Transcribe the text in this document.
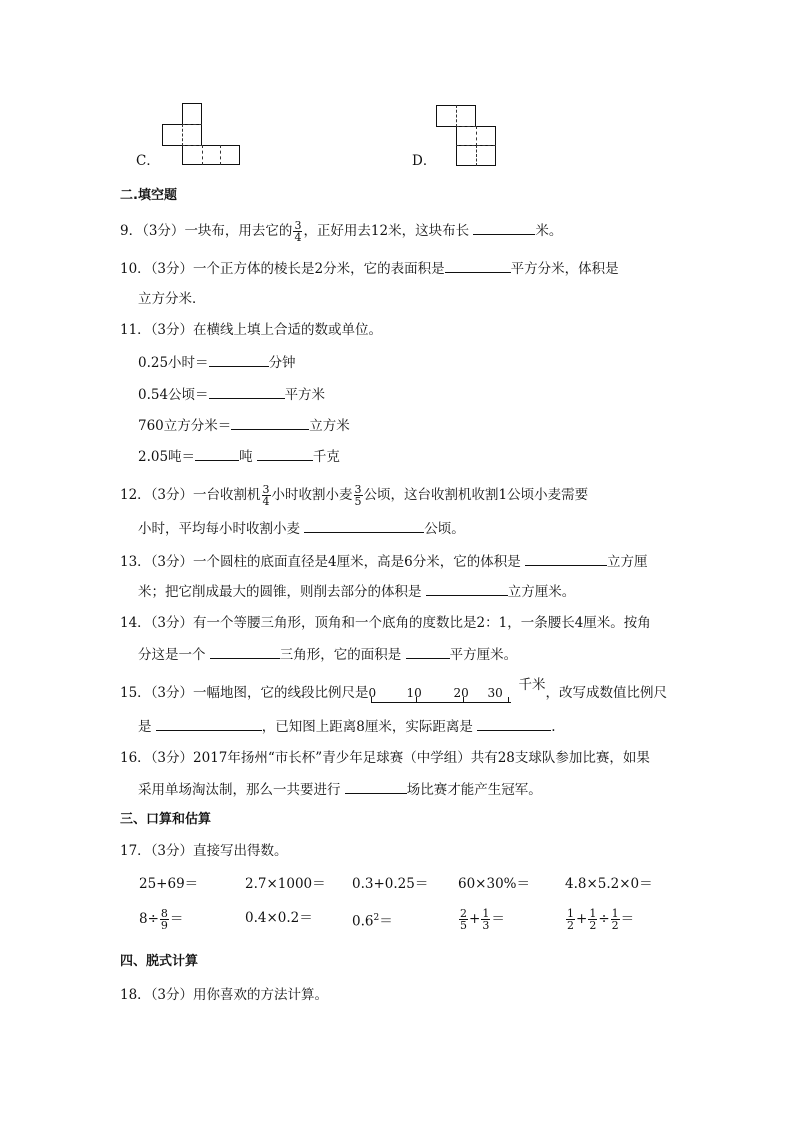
C．	D．
二.填空题
9．（3分）一块布，用去它的 $\frac{3}{4}$ ，正好用去12米，这块布长	米。
10．（3分）一个正方体的棱长是2分米，它的表面积是	平方分米，体积是
立方分米．
11．（3分）在横线上填上合适的数或单位。
0.25小时＝	分钟
0.54公顷＝	平方米
760立方分米＝	立方米
2.05吨＝	吨	千克
12．（3分）一台收割机 $\frac{3}{4}$ 小时收割小麦 $\frac{3}{5}$ 公顷，这台收割机收割1公顷小麦需要
小时，平均每小时收割小麦	公顷。
13．（3分）一个圆柱的底面直径是4厘米，高是6分米，它的体积是	立方厘
米；把它削成最大的圆锥，则削去部分的体积是	立方厘米。
14．（3分）有一个等腰三角形，顶角和一个底角的度数比是2：1，一条腰长4厘米。按角
分这是一个	三角形，它的面积是	平方厘米。
15．（3分）一幅地图，它的线段比例尺是 0	10	20 30 千米，改写成数值比例尺
是	，已知图上距离8厘米，实际距离是	.
16．（3分）2017年扬州“市长杯”青少年足球赛（中学组）共有28支球队参加比赛，如果
采用单场淘汰制，那么一共要进行	场比赛才能产生冠军。
三、口算和估算
17．（3分）直接写出得数。
25+69＝	2.7×1000＝ 0.3+0.25＝ 60×30%＝	4.8×5.2×0＝
$8\div \frac{8}{9}$ ＝	0.4×0.2＝	$0.6^2=$	$\frac{2}{5} + \frac{1}{3}$ ＝	$\frac{1}{2} + \frac{1}{2} \div \frac{1}{2}$ ＝
四、脱式计算
18．（3分）用你喜欢的方法计算。
